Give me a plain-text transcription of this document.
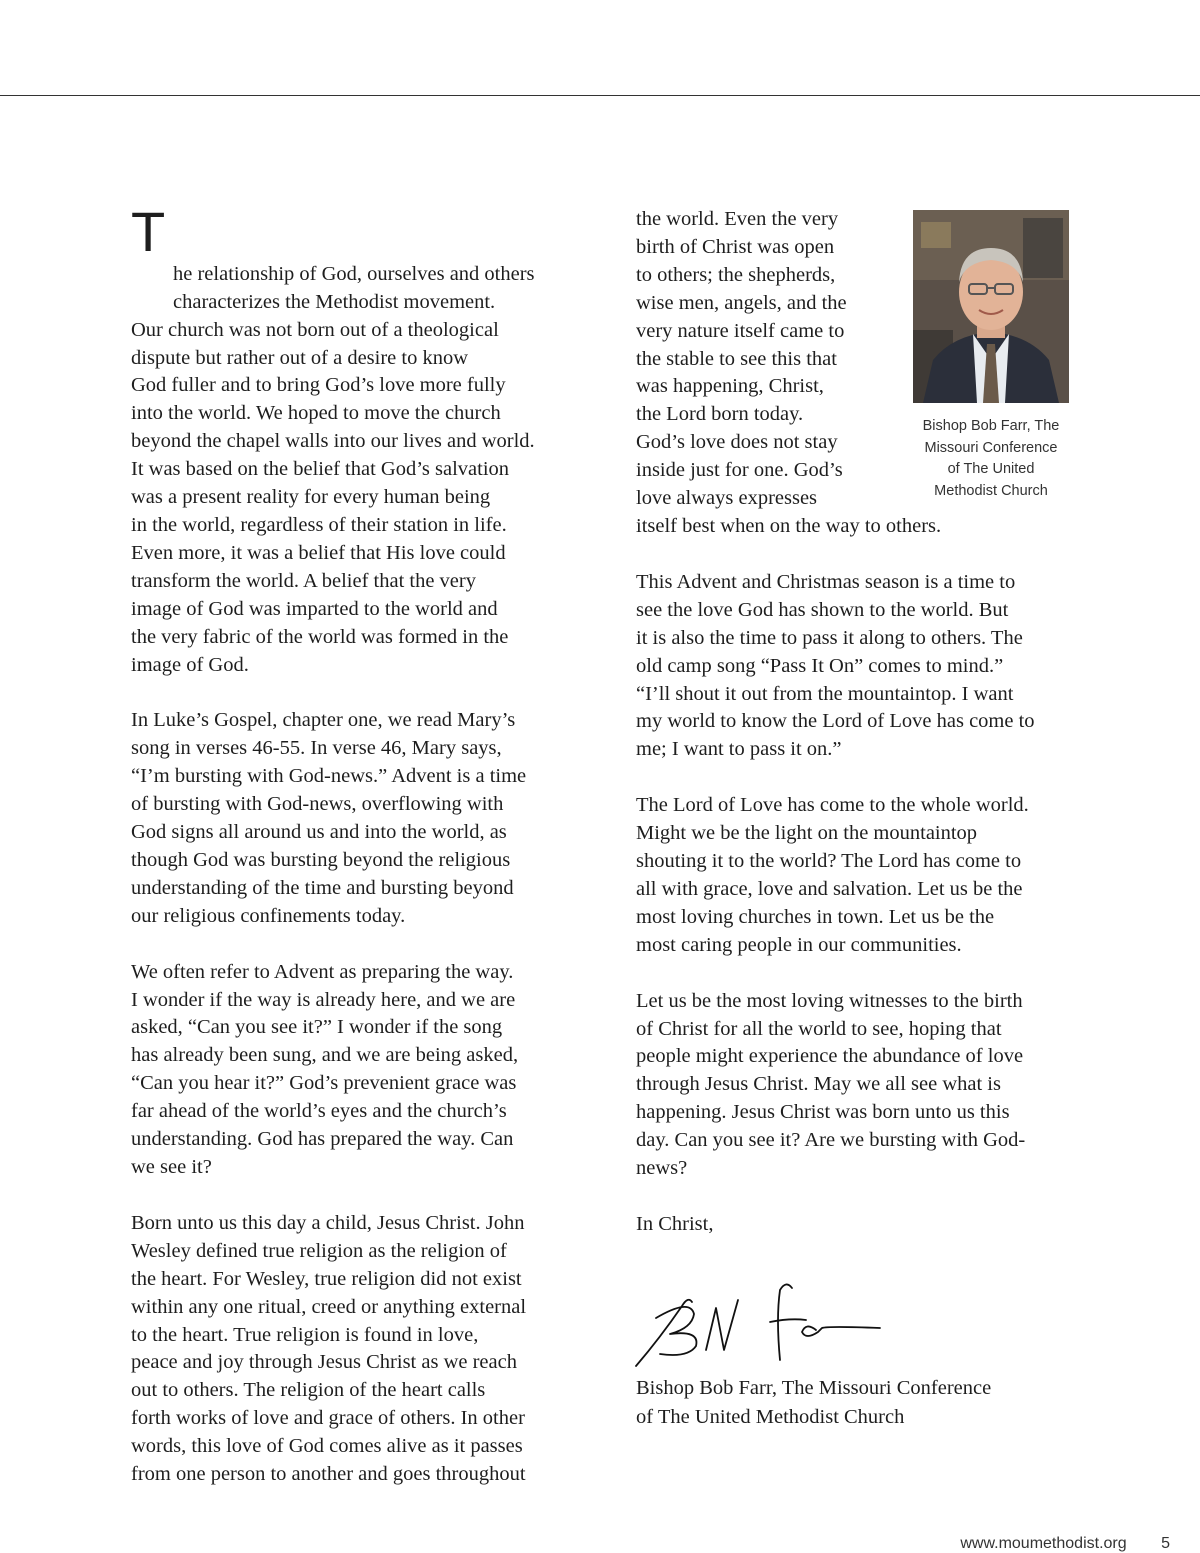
T

he relationship of God, ourselves and others
characterizes the Methodist movement.

Our church was not born out of a theological
dispute but rather out of a desire to know
God fuller and to bring God’s love more fully
into the world. We hoped to move the church
beyond the chapel walls into our lives and world.
It was based on the belief that God’s salvation
was a present reality for every human being
in the world, regardless of their station in life.
Even more, it was a belief that His love could
transform the world. A belief that the very
image of God was imparted to the world and
the very fabric of the world was formed in the
image of God.

In Luke’s Gospel, chapter one, we read Mary’s
song in verses 46-55. In verse 46, Mary says,
“I’m bursting with God-news.” Advent is a time
of bursting with God-news, overflowing with
God signs all around us and into the world, as
though God was bursting beyond the religious
understanding of the time and bursting beyond
our religious confinements today.

We often refer to Advent as preparing the way.
I wonder if the way is already here, and we are
asked, “Can you see it?” I wonder if the song
has already been sung, and we are being asked,
“Can you hear it?” God’s prevenient grace was
far ahead of the world’s eyes and the church’s
understanding. God has prepared the way. Can
we see it?

Born unto us this day a child, Jesus Christ. John
Wesley defined true religion as the religion of
the heart. For Wesley, true religion did not exist
within any one ritual, creed or anything external
to the heart. True religion is found in love,
peace and joy through Jesus Christ as we reach
out to others. The religion of the heart calls
forth works of love and grace of others. In other
words, this love of God comes alive as it passes
from one person to another and goes throughout

the world. Even the very
birth of Christ was open
to others; the shepherds,
wise men, angels, and the
very nature itself came to
the stable to see this that
was happening, Christ,
the Lord born today.
God’s love does not stay
inside just for one. God’s
love always expresses

itself best when on the way to others.

This Advent and Christmas season is a time to
see the love God has shown to the world. But
it is also the time to pass it along to others. The
old camp song “Pass It On” comes to mind.”
“I’ll shout it out from the mountaintop. I want
my world to know the Lord of Love has come to
me; I want to pass it on.”

The Lord of Love has come to the whole world.
Might we be the light on the mountaintop
shouting it to the world? The Lord has come to
all with grace, love and salvation. Let us be the
most loving churches in town. Let us be the
most caring people in our communities.

Let us be the most loving witnesses to the birth
of Christ for all the world to see, hoping that
people might experience the abundance of love
through Jesus Christ. May we all see what is
happening. Jesus Christ was born unto us this
day. Can you see it? Are we bursting with God-
news?

In Christ,

Bishop Bob Farr, The
Missouri Conference
of The United
Methodist Church
Bishop Bob Farr, The Missouri Conference
of The United Methodist Church
www.moumethodist.org 5
